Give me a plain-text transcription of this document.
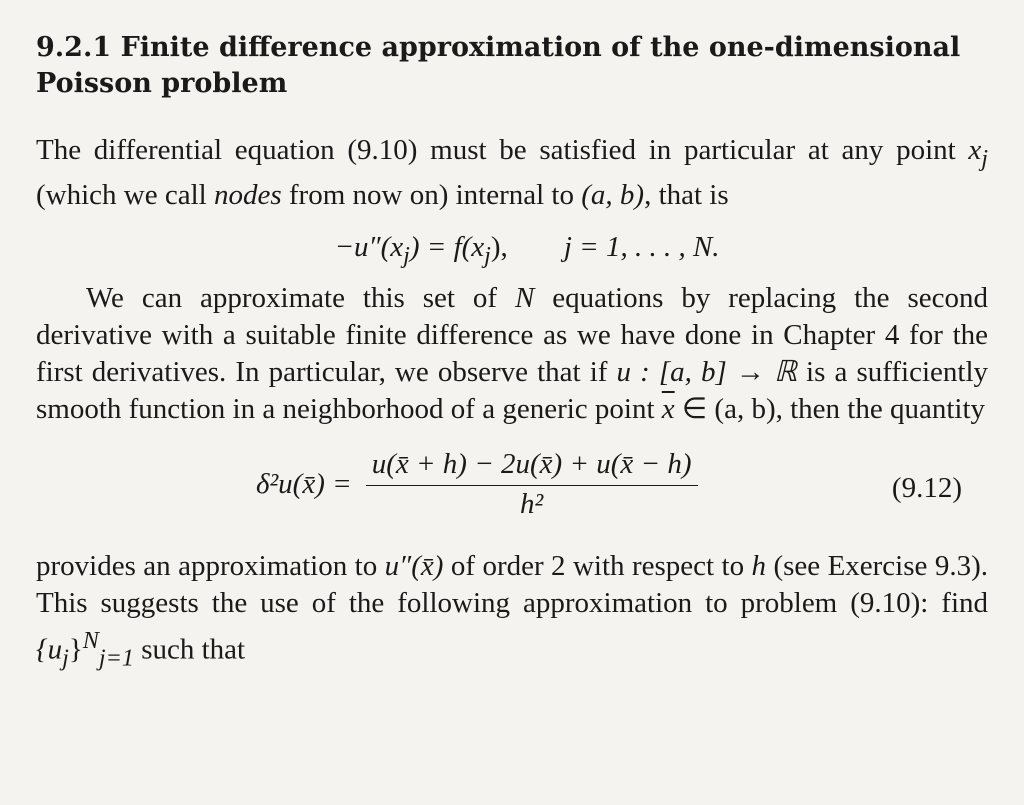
9.2.1 Finite difference approximation of the one-dimensional Poisson problem

The differential equation (9.10) must be satisfied in particular at any point $x_j$ (which we call nodes from now on) internal to (a, b), that is

$-u''(x_j) = f(x_j)$, j = 1, . . . , N.

We can approximate this set of N equations by replacing the second derivative with a suitable finite difference as we have done in Chapter 4 for the first derivatives. In particular, we observe that if u : [a, b] → ℝ is a sufficiently smooth function in a neighborhood of a generic point $\overline{x}$ ∈ (a, b), then the quantity

δ²u(x̄) = $\frac{u(x̄ + h) - 2u(x̄) + u(x̄ - h)}{\text{h²}}$	(9.12)

provides an approximation to u″(x̄) of order 2 with respect to h (see Exercise 9.3). This suggests the use of the following approximation to problem (9.10): find $\{u_j\}^N_{j=1}$ such that
